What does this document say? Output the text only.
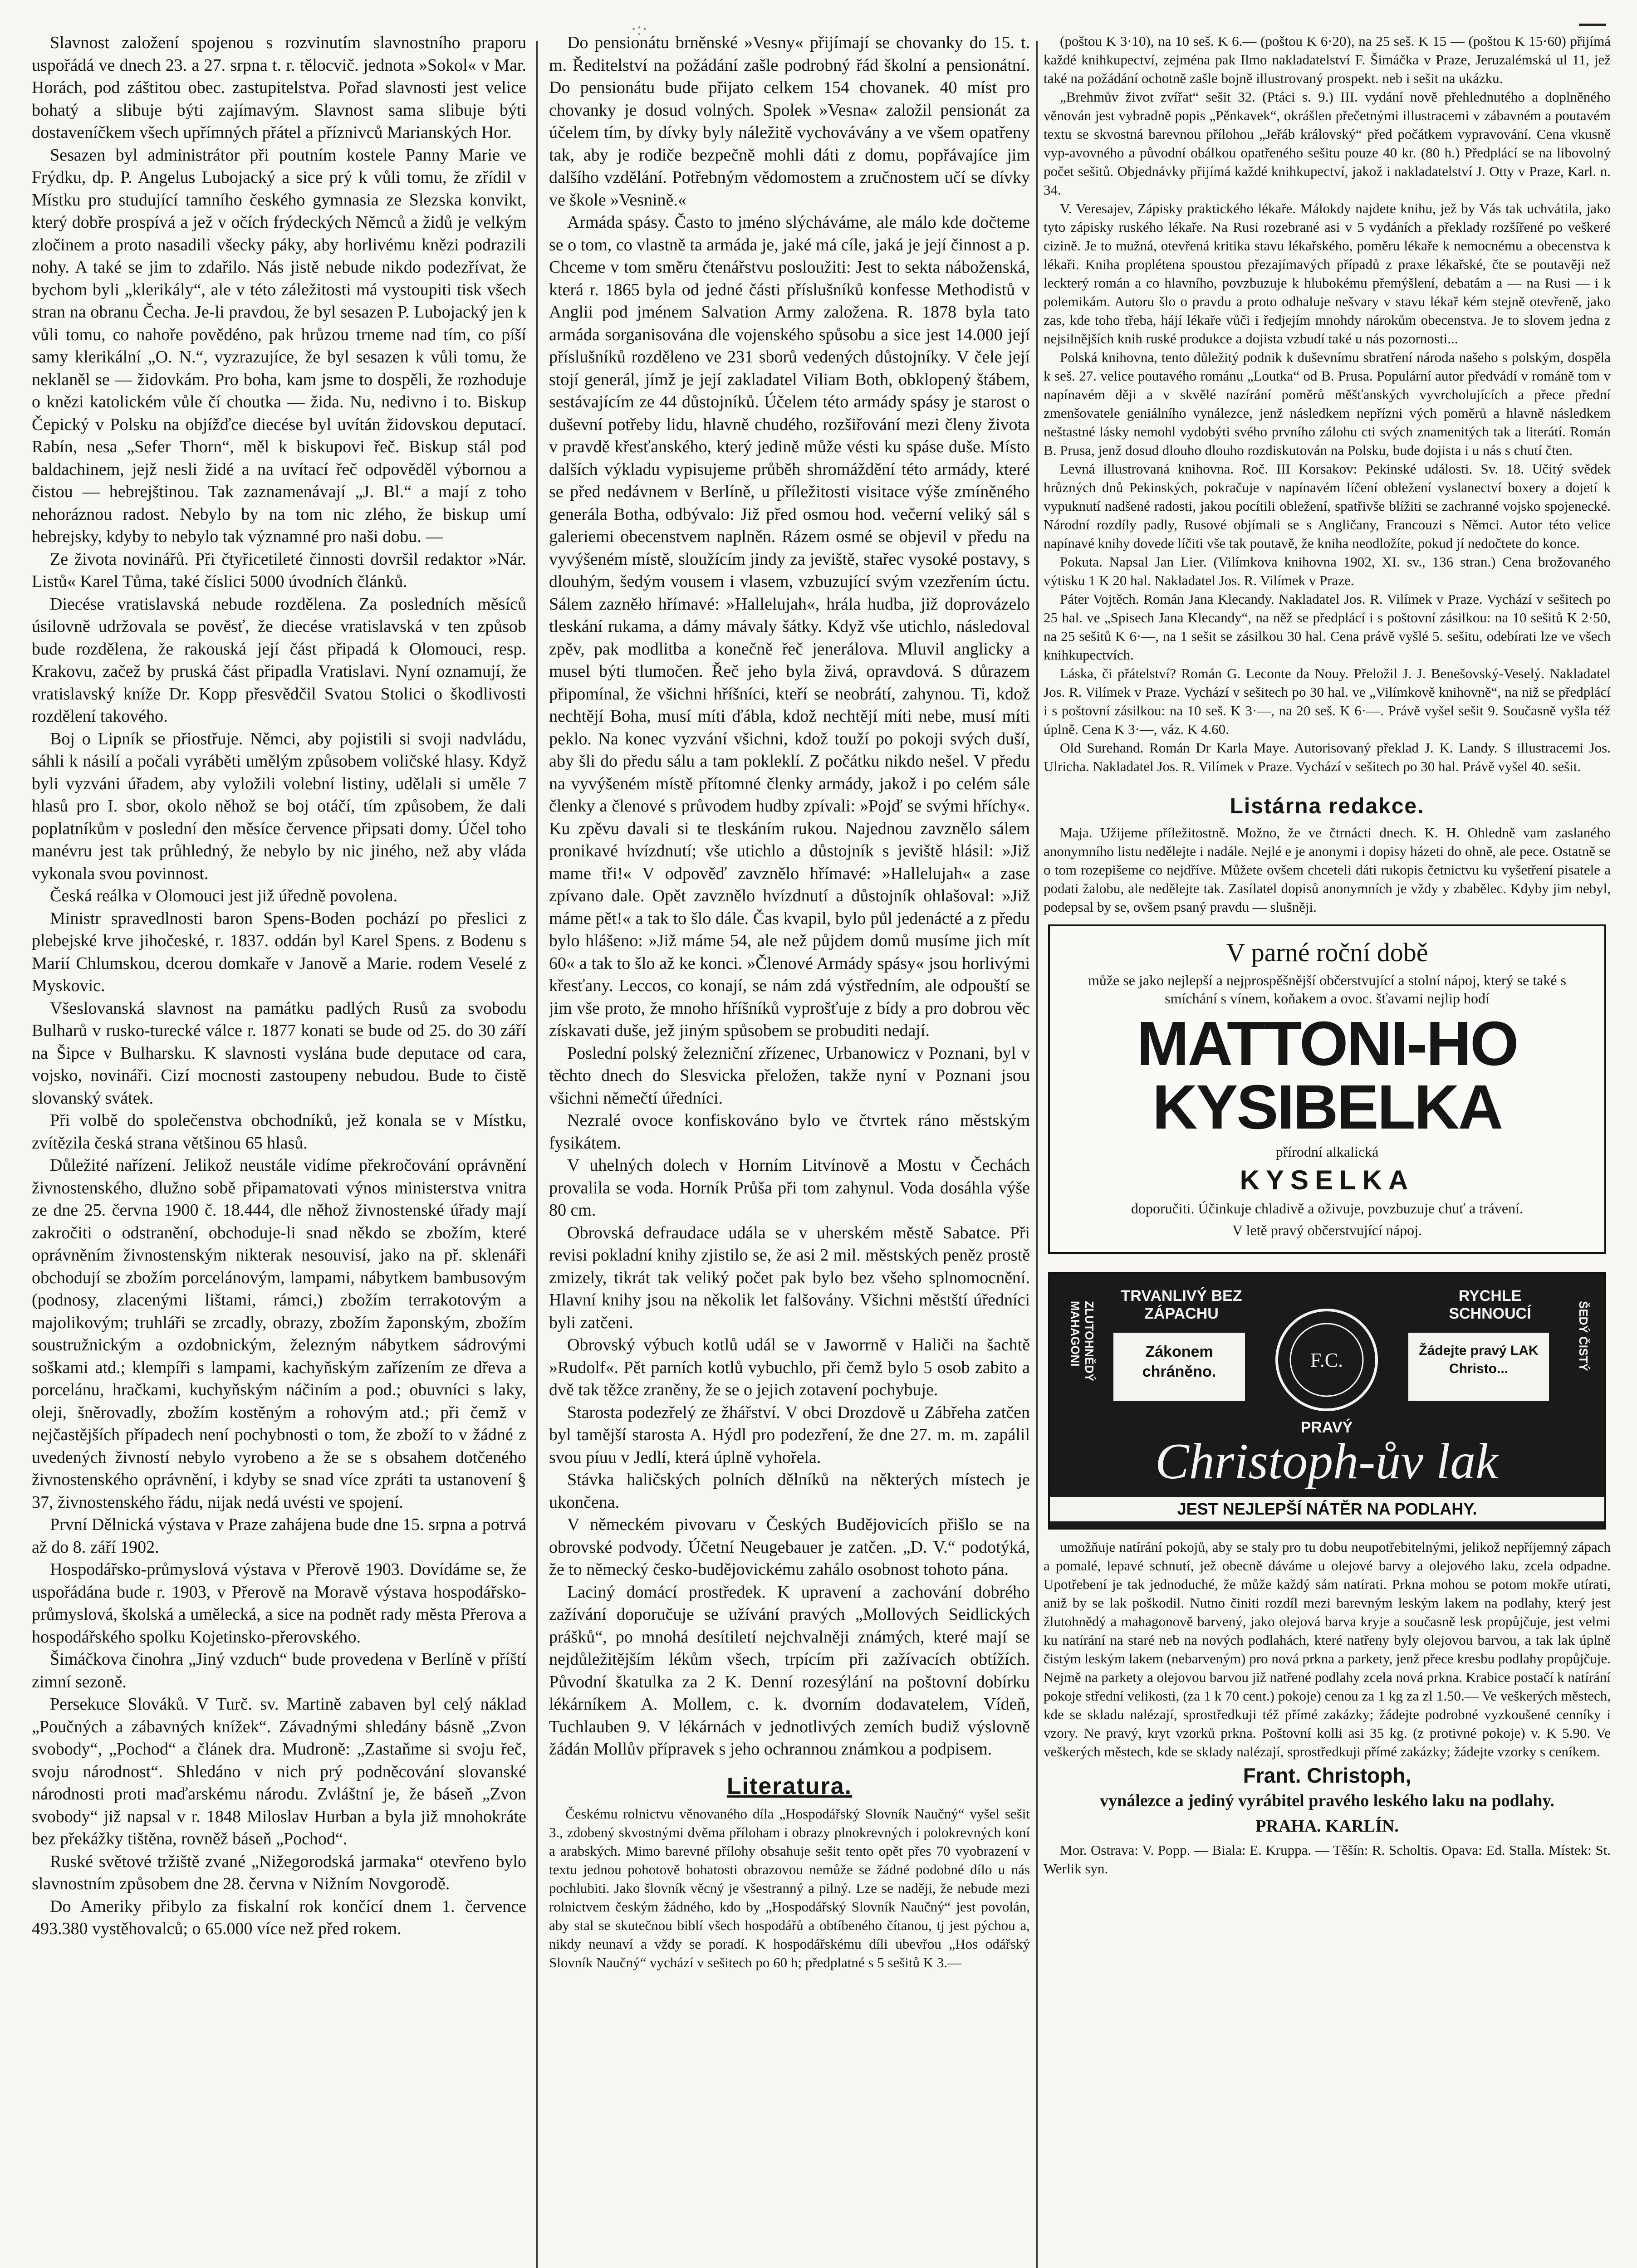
·:·

Slavnost založení spojenou s rozvinutím slavnostního praporu uspořádá ve dnech 23. a 27. srpna t. r. tělocvič. jednota »Sokol« v Mar. Horách, pod záštitou obec. zastupitelstva. Pořad slavnosti jest velice bohatý a slibuje býti zajímavým. Slavnost sama slibuje býti dostaveníčkem všech upřímných přátel a příznivců Marianských Hor.

Sesazen byl administrátor při poutním kostele Panny Marie ve Frýdku, dp. P. Angelus Lubojacký a sice prý k vůli tomu, že zřídil v Místku pro studující tamního českého gymnasia ze Slezska konvikt, který dobře prospívá a jež v očích frýdeckých Němců a židů je velkým zločinem a proto nasadili všecky páky, aby horlivému knězi podrazili nohy. A také se jim to zdařilo. Nás jistě nebude nikdo podezřívat, že bychom byli „klerikály“, ale v této záležitosti má vystoupiti tisk všech stran na obranu Čecha. Je-li pravdou, že byl sesazen P. Lubojacký jen k vůli tomu, co nahoře povědéno, pak hrůzou trneme nad tím, co píší samy klerikální „O. N.“, vyzrazujíce, že byl sesazen k vůli tomu, že neklaněl se — židovkám. Pro boha, kam jsme to dospěli, že rozhoduje o knězi katolickém vůle čí choutka — žida. Nu, nedivno i to. Biskup Čepický v Polsku na objížďce diecése byl uvítán židovskou deputací. Rabín, nesa „Sefer Thorn“, měl k biskupovi řeč. Biskup stál pod baldachinem, jejž nesli židé a na uvítací řeč odpověděl výbornou a čistou — hebrejštinou. Tak zaznamenávají „J. Bl.“ a mají z toho nehoráznou radost. Nebylo by na tom nic zlého, že biskup umí hebrejsky, kdyby to nebylo tak významné pro naši dobu. —

Ze života novinářů. Při čtyřicetileté činnosti dovršil redaktor »Nár. Listů« Karel Tůma, také číslici 5000 úvodních článků.

Diecése vratislavská nebude rozdělena. Za posledních měsíců úsilovně udržovala se pověsť, že diecése vratislavská v ten způsob bude rozdělena, že rakouská její část připadá k Olomouci, resp. Krakovu, začež by pruská část připadla Vratislavi. Nyní oznamují, že vratislavský kníže Dr. Kopp přesvědčil Svatou Stolici o škodlivosti rozdělení takového.

Boj o Lipník se přiostřuje. Němci, aby pojistili si svoji nadvládu, sáhli k násilí a počali vyráběti umělým způsobem voličské hlasy. Když byli vyzváni úřadem, aby vyložili volební listiny, udělali si uměle 7 hlasů pro I. sbor, okolo něhož se boj otáčí, tím způsobem, že dali poplatníkům v poslední den měsíce července připsati domy. Účel toho manévru jest tak průhledný, že nebylo by nic jiného, než aby vláda vykonala svou povinnost.

Česká reálka v Olomouci jest již úředně povolena.

Ministr spravedlnosti baron Spens-Boden pochází po přeslici z plebejské krve jihočeské, r. 1837. oddán byl Karel Spens. z Bodenu s Marií Chlumskou, dcerou domkaře v Janově a Marie. rodem Veselé z Myskovic.

Všeslovanská slavnost na památku padlých Rusů za svobodu Bulharů v rusko-turecké válce r. 1877 konati se bude od 25. do 30 září na Šipce v Bulharsku. K slavnosti vyslána bude deputace od cara, vojsko, novináři. Cizí mocnosti zastoupeny nebudou. Bude to čistě slovanský svátek.

Při volbě do společenstva obchodníků, jež konala se v Místku, zvítězila česká strana většinou 65 hlasů.

Důležité nařízení. Jelikož neustále vidíme překročování oprávnění živnostenského, dlužno sobě připamatovati výnos ministerstva vnitra ze dne 25. června 1900 č. 18.444, dle něhož živnostenské úřady mají zakročiti o odstranění, obchoduje-li snad někdo se zbožím, které oprávněním živnostenským nikterak nesouvisí, jako na př. sklenáři obchodují se zbožím porcelánovým, lampami, nábytkem bambusovým (podnosy, zlacenými lištami, rámci,) zbožím terrakotovým a majolikovým; truhláři se zrcadly, obrazy, zbožím žaponským, zbožím soustružnickým a ozdobnickým, železným nábytkem sádrovými soškami atd.; klempíři s lampami, kachyňským zařízením ze dřeva a porcelánu, hračkami, kuchyňským náčiním a pod.; obuvníci s laky, oleji, šněrovadly, zbožím kostěným a rohovým atd.; při čemž v nejčastějších případech není pochybnosti o tom, že zboží to v žádné z uvedených živností nebylo vyrobeno a že se s obsahem dotčeného živnostenského oprávnění, i kdyby se snad více zpráti ta ustanovení § 37, živnostenského řádu, nijak nedá uvésti ve spojení.

První Dělnická výstava v Praze zahájena bude dne 15. srpna a potrvá až do 8. září 1902.

Hospodářsko-průmyslová výstava v Přerově 1903. Dovídáme se, že uspořádána bude r. 1903, v Přerově na Moravě výstava hospodářsko-průmyslová, školská a umělecká, a sice na podnět rady města Přerova a hospodářského spolku Kojetinsko-přerovského.

Šimáčkova činohra „Jiný vzduch“ bude provedena v Berlíně v příští zimní sezoně.

Persekuce Slováků. V Turč. sv. Martině zabaven byl celý náklad „Poučných a zábavných knížek“. Závadnými shledány básně „Zvon svobody“, „Pochod“ a článek dra. Mudroně: „Zastaňme si svoju řeč, svoju národnost“. Shledáno v nich prý podněcování slovanské národnosti proti maďarskému národu. Zvláštní je, že báseň „Zvon svobody“ již napsal v r. 1848 Miloslav Hurban a byla již mnohokráte bez překážky tištěna, rovněž báseň „Pochod“.

Ruské světové tržiště zvané „Nižegorodská jarmaka“ otevřeno bylo slavnostním způsobem dne 28. června v Nižním Novgorodě.

Do Ameriky přibylo za fiskalní rok končící dnem 1. července 493.380 vystěhovalců; o 65.000 více než před rokem.

Do pensionátu brněnské »Vesny« přijímají se chovanky do 15. t. m. Ředitelství na požádání zašle podrobný řád školní a pensionátní. Do pensionátu bude přijato celkem 154 chovanek. 40 míst pro chovanky je dosud volných. Spolek »Vesna« založil pensionát za účelem tím, by dívky byly náležitě vychovávány a ve všem opatřeny tak, aby je rodiče bezpečně mohli dáti z domu, popřávajíce jim dalšího vzdělání. Potřebným vědomostem a zručnostem učí se dívky ve škole »Vesnině.«

Armáda spásy. Často to jméno slýcháváme, ale málo kde dočteme se o tom, co vlastně ta armáda je, jaké má cíle, jaká je její činnost a p. Chceme v tom směru čtenářstvu posloužiti: Jest to sekta náboženská, která r. 1865 byla od jedné části příslušníků konfesse Methodistů v Anglii pod jménem Salvation Army založena. R. 1878 byla tato armáda sorganisována dle vojenského spůsobu a sice jest 14.000 její příslušníků rozděleno ve 231 sborů vedených důstojníky. V čele její stojí generál, jímž je její zakladatel Viliam Both, obklopený štábem, sestávajícím ze 44 důstojníků. Účelem této armády spásy je starost o duševní potřeby lidu, hlavně chudého, rozšiřování mezi členy života v pravdě křesťanského, který jedině může vésti ku spáse duše. Místo dalších výkladu vypisujeme průběh shromáždění této armády, které se před nedávnem v Berlíně, u příležitosti visitace výše zmíněného generála Botha, odbývalo: Již před osmou hod. večerní veliký sál s galeriemi obecenstvem naplněn. Rázem osmé se objevil v předu na vyvýšeném místě, sloužícím jindy za jeviště, stařec vysoké postavy, s dlouhým, šedým vousem i vlasem, vzbuzující svým vzezřením úctu. Sálem zazněło hřímavé: »Hallelujah«, hrála hudba, již doprovázelo tleskání rukama, a dámy mávaly šátky. Když vše utichlo, následoval zpěv, pak modlitba a konečně řeč jenerálova. Mluvil anglicky a musel býti tlumočen. Řeč jeho byla živá, opravdová. S důrazem připomínal, že všichni hříšníci, kteří se neobrátí, zahynou. Ti, kdož nechtějí Boha, musí míti ďábla, kdož nechtějí míti nebe, musí míti peklo. Na konec vyzvání všichni, kdož touží po pokoji svých duší, aby šli do předu sálu a tam pokleklí. Z počátku nikdo nešel. V předu na vyvýšeném místě přítomné členky armády, jakož i po celém sále členky a členové s průvodem hudby zpívali: »Pojď se svými hříchy«. Ku zpěvu davali si te tleskáním rukou. Najednou zavznělo sálem pronikavé hvízdnutí; vše utichlo a důstojník s jeviště hlásil: »Již mame tři!« V odpověď zavznělo hřímavé: »Hallelujah« a zase zpívano dale. Opět zavznělo hvízdnutí a důstojník ohlašoval: »Již máme pět!« a tak to šlo dále. Čas kvapil, bylo půl jedenácté a z předu bylo hlášeno: »Již máme 54, ale než půjdem domů musíme jich mít 60« a tak to šlo až ke konci. »Členové Armády spásy« jsou horlivými křesťany. Leccos, co konají, se nám zdá výstředním, ale odpouští se jim vše proto, že mnoho hříšníků vyprošťuje z bídy a pro dobrou věc získavati duše, jež jiným spůsobem se probuditi nedají.

Poslední polský železniční zřízenec, Urbanowicz v Poznani, byl v těchto dnech do Slesvicka přeložen, takže nyní v Poznani jsou všichni němečtí úředníci.

Nezralé ovoce konfiskováno bylo ve čtvrtek ráno městským fysikátem.

V uhelných dolech v Horním Litvínově a Mostu v Čechách provalila se voda. Horník Průša při tom zahynul. Voda dosáhla výše 80 cm.

Obrovská defraudace udála se v uherském městě Sabatce. Při revisi pokladní knihy zjistilo se, že asi 2 mil. městských peněz prostě zmizely, tikrát tak veliký počet pak bylo bez všeho splnomocnění. Hlavní knihy jsou na několik let falšovány. Všichni městští úředníci byli zatčeni.

Obrovský výbuch kotlů udál se v Jaworrně v Haliči na šachtě »Rudolf«. Pět parních kotlů vybuchlo, při čemž bylo 5 osob zabito a dvě tak těžce zraněny, že se o jejich zotavení pochybuje.

Starosta podezřelý ze žhářství. V obci Drozdově u Zábřeha zatčen byl tamější starosta A. Hýdl pro podezření, že dne 27. m. m. zapálil svou píuu v Jedlí, která úplně vyhořela.

Stávka haličských polních dělníků na některých místech je ukončena.

V německém pivovaru v Českých Budějovicích přišlo se na obrovské podvody. Účetní Neugebauer je zatčen. „D. V.“ podotýká, že to německý česko-budějovickému zahálo osobnost tohoto pána.

Laciný domácí prostředek. K upravení a zachování dobrého zažívání doporučuje se užívání pravých „Mollových Seidlických prášků“, po mnohá desítiletí nejchvalněji známých, které mají se nejdůležitějším lékům všech, trpícím při zažívacích obtížích. Původní škatulka za 2 K. Denní rozesýlání na poštovní dobírku lékárníkem A. Mollem, c. k. dvorním dodavatelem, Vídeň, Tuchlauben 9. V lékárnách v jednotlivých zemích budiž výslovně žádán Mollův přípravek s jeho ochrannou známkou a podpisem.

Literatura.

Českému rolnictvu věnovaného díla „Hospodářský Slovník Naučný“ vyšel sešit 3., zdobený skvostnými dvěma příloham i obrazy plnokrevných i polokrevných koní a arabských. Mimo barevné přílohy obsahuje sešit tento opět přes 70 vyobrazení v textu jednou pohotově bohatosti obrazovou nemůže se žádné podobné dílo u nás pochlubiti. Jako šlovník věcný je všestranný a pilný. Lze se naději, že nebude mezi rolnictvem českým žádného, kdo by „Hospodářský Slovník Naučný“ jest povolán, aby stal se skutečnou biblí všech hospodářů a obtíbeného čítanou, tj jest pýchou a, nikdy neunaví a vždy se poradí. K hospodářskému díli ubevřou „Hos odářský Slovník Naučný“ vychází v sešitech po 60 h; předplatné s 5 sešitů K 3.—

(poštou K 3·10), na 10 seš. K 6.— (poštou K 6·20), na 25 seš. K 15 — (poštou K 15·60) přijímá každé knihkupectví, zejména pak Ilmo nakladatelství F. Šimáčka v Praze, Jeruzalémská ul 11, jež také na požádání ochotně zašle bojně illustrovaný prospekt. neb i sešit na ukázku.

„Brehmův život zvířat“ sešit 32. (Ptáci s. 9.) III. vydání nově přehlednutého a doplněného věnován jest vybradně popis „Pěnkavek“, okrášlen přečetnými illustracemi v zábavném a poutavém textu se skvostná barevnou přílohou „Jeřáb královský“ před počátkem vypravování. Cena vkusně vyp-avovného a původní obálkou opatřeného sešitu pouze 40 kr. (80 h.) Předplácí se na libovolný počet sešitů. Objednávky přijímá každé knihkupectví, jakož i nakladatelství J. Otty v Praze, Karl. n. 34.

V. Veresajev, Zápisky praktického lékaře. Málokdy najdete knihu, jež by Vás tak uchvátila, jako tyto zápisky ruského lékaře. Na Rusi rozebrané asi v 5 vydáních a překlady rozšířené po veškeré cizině. Je to mužná, otevřená kritika stavu lékařského, poměru lékaře k nemocnému a obecenstva k lékaři. Kniha proplétena spoustou přezajímavých případů z praxe lékařské, čte se poutavěji než leckterý román a co hlavního, povzbuzuje k hlubokému přemýšlení, debatám a — na Rusi — i k polemikám. Autoru šlo o pravdu a proto odhaluje nešvary v stavu lékař kém stejně otevřeně, jako zas, kde toho třeba, hájí lékaře vůči i ředjejím mnohdy nárokům obecenstva. Je to slovem jedna z nejsilnějších knih ruské produkce a dojista vzbudí také u nás pozornosti...

Polská knihovna, tento důležitý podnik k duševnímu sbratření národa našeho s polským, dospěla k seš. 27. velice poutavého románu „Loutka“ od B. Prusa. Populární autor předvádí v románě tom v napínavém ději a v skvělé nazírání poměrů měšťanských vyvrcholujících a přece přední zmenšovatele geniálního vynálezce, jenž následkem nepřízni vých poměrů a hlavně následkem neštastné lásky nemohl vydobýti svého prvního zálohu cti svých znamenitých tak a literátí. Román B. Prusa, jenž dosud dlouho dlouho rozdiskutován na Polsku, bude dojista i u nás s chutí čten.

Levná illustrovaná knihovna. Roč. III Korsakov: Pekinské události. Sv. 18. Učitý svědek hrůzných dnů Pekinských, pokračuje v napínavém líčení obležení vyslanectví boxery a dojetí k vypuknutí nadšené radosti, jakou pocítili obležení, spatřivše blížiti se zachranné vojsko spojenecké. Národní rozdíly padly, Rusové objímali se s Angličany, Francouzi s Němci. Autor této velice napínavé knihy dovede líčiti vše tak poutavě, že kniha neodložíte, pokud jí nedočtete do konce.

Pokuta. Napsal Jan Lier. (Vilímkova knihovna 1902, XI. sv., 136 stran.) Cena brožovaného výtisku 1 K 20 hal. Nakladatel Jos. R. Vilímek v Praze.

Páter Vojtěch. Román Jana Klecandy. Nakladatel Jos. R. Vilímek v Praze. Vychází v sešitech po 25 hal. ve „Spisech Jana Klecandy“, na něž se předplácí i s poštovní zásilkou: na 10 sešitů K 2·50, na 25 sešitů K 6·—, na 1 sešit se zásilkou 30 hal. Cena právě vyšlé 5. sešitu, odebírati lze ve všech knihkupectvích.

Láska, či přátelství? Román G. Leconte da Nouy. Přeložil J. J. Benešovský-Veselý. Nakladatel Jos. R. Vilímek v Praze. Vychází v sešitech po 30 hal. ve „Vilímkově knihovně“, na niž se předplácí i s poštovní zásilkou: na 10 seš. K 3·—, na 20 seš. K 6·—. Právě vyšel sešit 9. Současně vyšla též úplně. Cena K 3·—, váz. K 4.60.

Old Surehand. Román Dr Karla Maye. Autorisovaný překlad J. K. Landy. S illustracemi Jos. Ulricha. Nakladatel Jos. R. Vilímek v Praze. Vychází v sešitech po 30 hal. Právě vyšel 40. sešit.

Listárna redakce.

Maja. Užijeme příležitostně. Možno, že ve čtrnácti dnech. K. H. Ohledně vam zaslaného anonymního listu nedělejte i nadále. Nejlé e je anonymi i dopisy házeti do ohně, ale pece. Ostatně se o tom rozepišeme co nejdříve. Můžete ovšem chceteli dáti rukopis četnictvu ku vyšetření pisatele a podati žalobu, ale nedělejte tak. Zasílatel dopisů anonymních je vždy y zbabělec. Kdyby jim nebyl, podepsal by se, ovšem psaný pravdu — slušněji.

V parné roční době

může se jako nejlepší a nejprospěšnější občerstvující a stolní nápoj, který se také s smíchání s vínem, koňakem a ovoc. šťavami nejlip hodí

MATTONI-HO KYSIBELKA

přírodní alkalická

KYSELKA

doporučiti. Účinkuje chladivě a oživuje, povzbuzuje chuť a trávení.

V letě pravý občerstvující nápoj.

TRVANLIVÝ BEZ ZÁPACHU
RYCHLE SCHNOUCÍ
ZLUTOHNĚDÝ MAHAGONI	ŠEDÝ ČISTÝ
Zákonem chráněno.
F.C.	Žádejte pravý LAK Christo...
PRAVÝ
Christoph-ův lak
JEST NEJLEPŠÍ NÁTĚR NA PODLAHY.

umožňuje natírání pokojů, aby se staly pro tu dobu neupotřebitelnými, jelikož nepříjemný zápach a pomalé, lepavé schnutí, jež obecně dáváme u olejové barvy a olejového laku, zcela odpadne. Upotřebení je tak jednoduché, že může každý sám natírati. Prkna mohou se potom mokře utírati, aniž by se lak poškodil. Nutno činiti rozdíl mezi barevným leským lakem na podlahy, který jest žlutohnědý a mahagonově barvený, jako olejová barva kryje a současně lesk propůjčuje, jest velmi ku natírání na staré neb na nových podlahách, které natřeny byly olejovou barvou, a tak lak úplně čistým leským lakem (nebarveným) pro nová prkna a parkety, jenž přece kresbu podlahy propůjčuje. Nejmě na parkety a olejovou barvou již natřené podlahy zcela nová prkna. Krabice postačí k natírání pokoje střední velikosti, (za 1 k 70 cent.) pokoje) cenou za 1 kg za zl 1.50.— Ve veškerých městech, kde se skladu nalézají, sprostředkuji též přímé zakázky; žádejte podrobné vyzkoušené cenníky i vzory. Ne pravý, kryt vzorků prkna. Poštovní kolli asi 35 kg. (z protivné pokoje) v. K 5.90. Ve veškerých městech, kde se sklady nalézají, sprostředkuji přímé zakázky; žádejte vzorky s ceníkem.

Frant. Christoph,

vynálezce a jediný vyrábitel pravého leského laku na podlahy.

PRAHA. KARLÍN.

Mor. Ostrava: V. Popp. — Biala: E. Kruppa. — Těšín: R. Scholtis. Opava: Ed. Stalla. Místek: St. Werlik syn.
